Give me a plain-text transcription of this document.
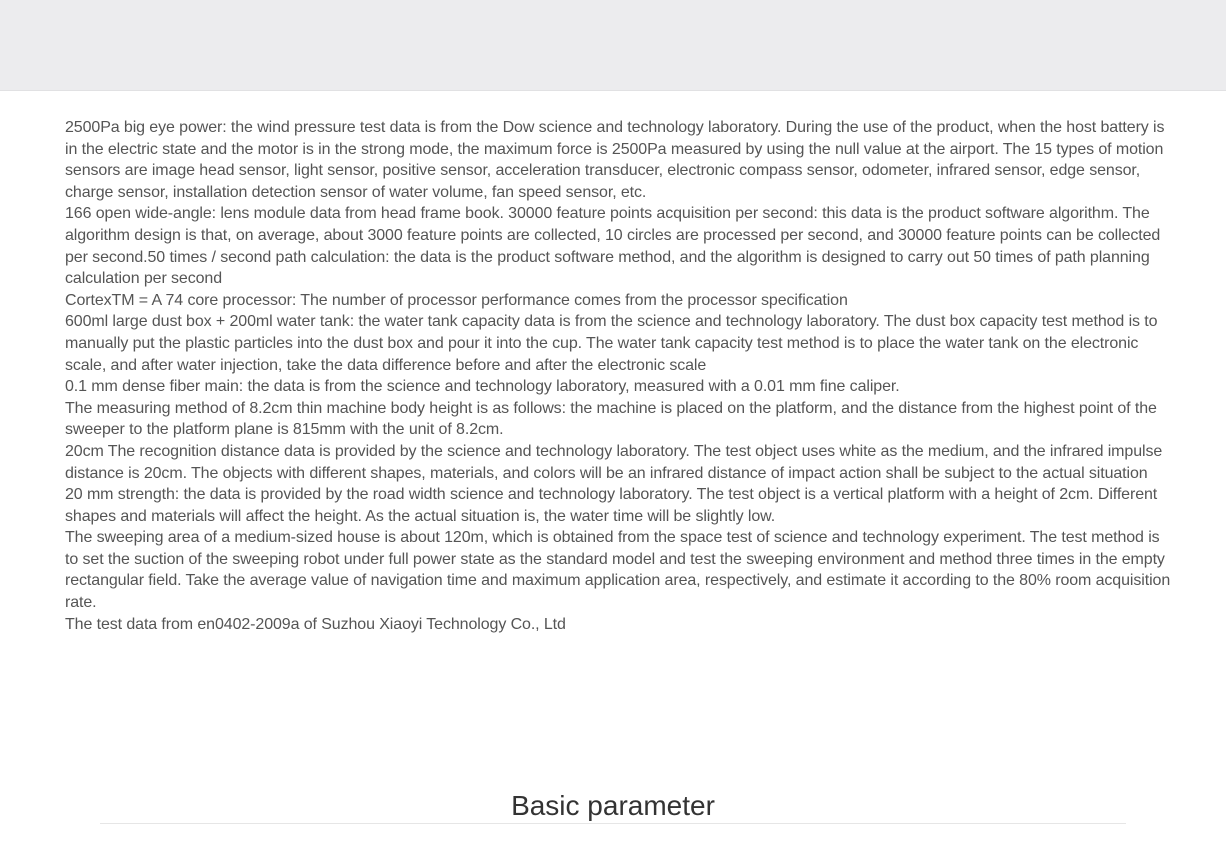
2500Pa big eye power: the wind pressure test data is from the Dow science and technology laboratory. During the use of the product, when the host battery is in the electric state and the motor is in the strong mode, the maximum force is 2500Pa measured by using the null value at the airport. The 15 types of motion sensors are image head sensor, light sensor, positive sensor, acceleration transducer, electronic compass sensor, odometer, infrared sensor, edge sensor, charge sensor, installation detection sensor of water volume, fan speed sensor, etc.

166 open wide-angle: lens module data from head frame book. 30000 feature points acquisition per second: this data is the product software algorithm. The algorithm design is that, on average, about 3000 feature points are collected, 10 circles are processed per second, and 30000 feature points can be collected per second.50 times / second path calculation: the data is the product software method, and the algorithm is designed to carry out 50 times of path planning calculation per second

CortexTM = A 74 core processor: The number of processor performance comes from the processor specification

600ml large dust box + 200ml water tank: the water tank capacity data is from the science and technology laboratory. The dust box capacity test method is to manually put the plastic particles into the dust box and pour it into the cup. The water tank capacity test method is to place the water tank on the electronic scale, and after water injection, take the data difference before and after the electronic scale

0.1 mm dense fiber main: the data is from the science and technology laboratory, measured with a 0.01 mm fine caliper.

The measuring method of 8.2cm thin machine body height is as follows: the machine is placed on the platform, and the distance from the highest point of the sweeper to the platform plane is 815mm with the unit of 8.2cm.

20cm The recognition distance data is provided by the science and technology laboratory. The test object uses white as the medium, and the infrared impulse distance is 20cm. The objects with different shapes, materials, and colors will be an infrared distance of impact action shall be subject to the actual situation

20 mm strength: the data is provided by the road width science and technology laboratory. The test object is a vertical platform with a height of 2cm. Different shapes and materials will affect the height. As the actual situation is, the water time will be slightly low.

The sweeping area of a medium-sized house is about 120m, which is obtained from the space test of science and technology experiment. The test method is to set the suction of the sweeping robot under full power state as the standard model and test the sweeping environment and method three times in the empty rectangular field. Take the average value of navigation time and maximum application area, respectively, and estimate it according to the 80% room acquisition rate.

The test data from en0402-2009a of Suzhou Xiaoyi Technology Co., Ltd

Basic parameter
